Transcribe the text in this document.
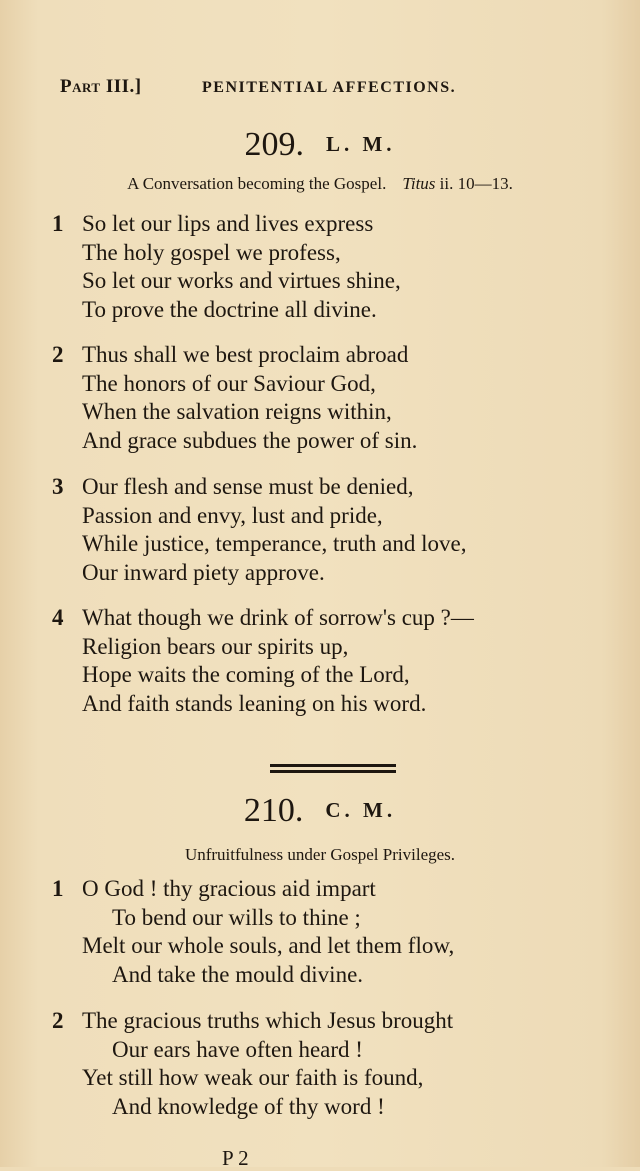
Part III.]	PENITENTIAL AFFECTIONS.
209. L. M.
A Conversation becoming the Gospel. Titus ii. 10—13.
1 So let our lips and lives express
The holy gospel we profess,
So let our works and virtues shine,
To prove the doctrine all divine.
2 Thus shall we best proclaim abroad
The honors of our Saviour God,
When the salvation reigns within,
And grace subdues the power of sin.
3 Our flesh and sense must be denied,
Passion and envy, lust and pride,
While justice, temperance, truth and love,
Our inward piety approve.
4 What though we drink of sorrow's cup ?—
Religion bears our spirits up,
Hope waits the coming of the Lord,
And faith stands leaning on his word.
210. C. M.
Unfruitfulness under Gospel Privileges.
1 O God ! thy gracious aid impart
To bend our wills to thine ;
Melt our whole souls, and let them flow,
And take the mould divine.
2 The gracious truths which Jesus brought
Our ears have often heard !
Yet still how weak our faith is found,
And knowledge of thy word !
P 2
